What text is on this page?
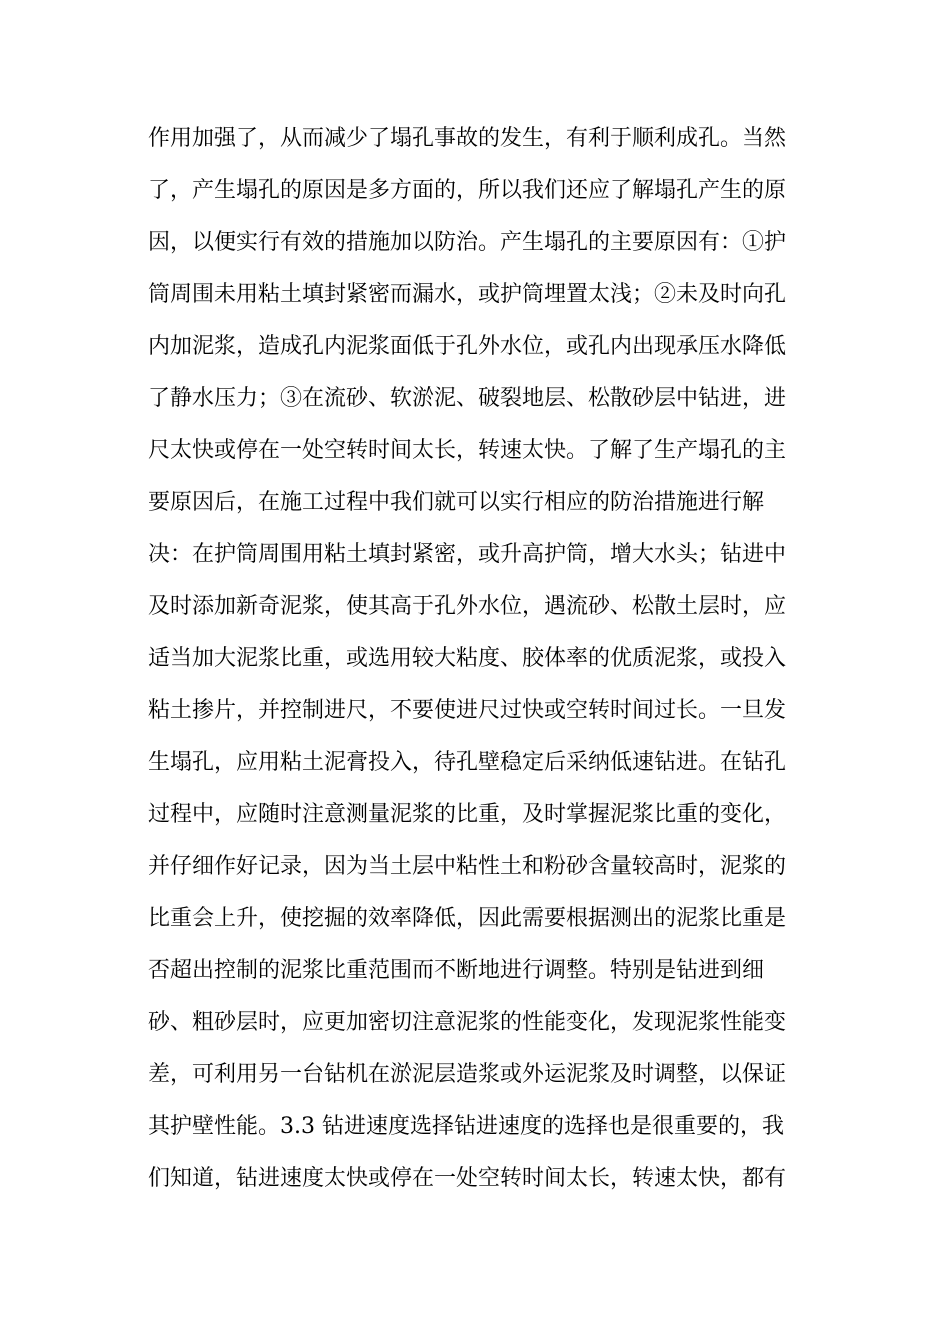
作用加强了，从而减少了塌孔事故的发生，有利于顺利成孔。当然
了，产生塌孔的原因是多方面的，所以我们还应了解塌孔产生的原
因，以便实行有效的措施加以防治。产生塌孔的主要原因有：①护
筒周围未用粘土填封紧密而漏水，或护筒埋置太浅；②未及时向孔
内加泥浆，造成孔内泥浆面低于孔外水位，或孔内出现承压水降低
了静水压力；③在流砂、软淤泥、破裂地层、松散砂层中钻进，进
尺太快或停在一处空转时间太长，转速太快。了解了生产塌孔的主
要原因后，在施工过程中我们就可以实行相应的防治措施进行解
决：在护筒周围用粘土填封紧密，或升高护筒，增大水头；钻进中
及时添加新奇泥浆，使其高于孔外水位，遇流砂、松散土层时，应
适当加大泥浆比重，或选用较大粘度、胶体率的优质泥浆，或投入
粘土掺片，并控制进尺，不要使进尺过快或空转时间过长。一旦发
生塌孔，应用粘土泥膏投入，待孔壁稳定后采纳低速钻进。在钻孔
过程中，应随时注意测量泥浆的比重，及时掌握泥浆比重的变化，
并仔细作好记录，因为当土层中粘性土和粉砂含量较高时，泥浆的
比重会上升，使挖掘的效率降低，因此需要根据测出的泥浆比重是
否超出控制的泥浆比重范围而不断地进行调整。特别是钻进到细
砂、粗砂层时，应更加密切注意泥浆的性能变化，发现泥浆性能变
差，可利用另一台钻机在淤泥层造浆或外运泥浆及时调整，以保证
其护壁性能。3.3 钻进速度选择钻进速度的选择也是很重要的，我
们知道，钻进速度太快或停在一处空转时间太长，转速太快，都有
